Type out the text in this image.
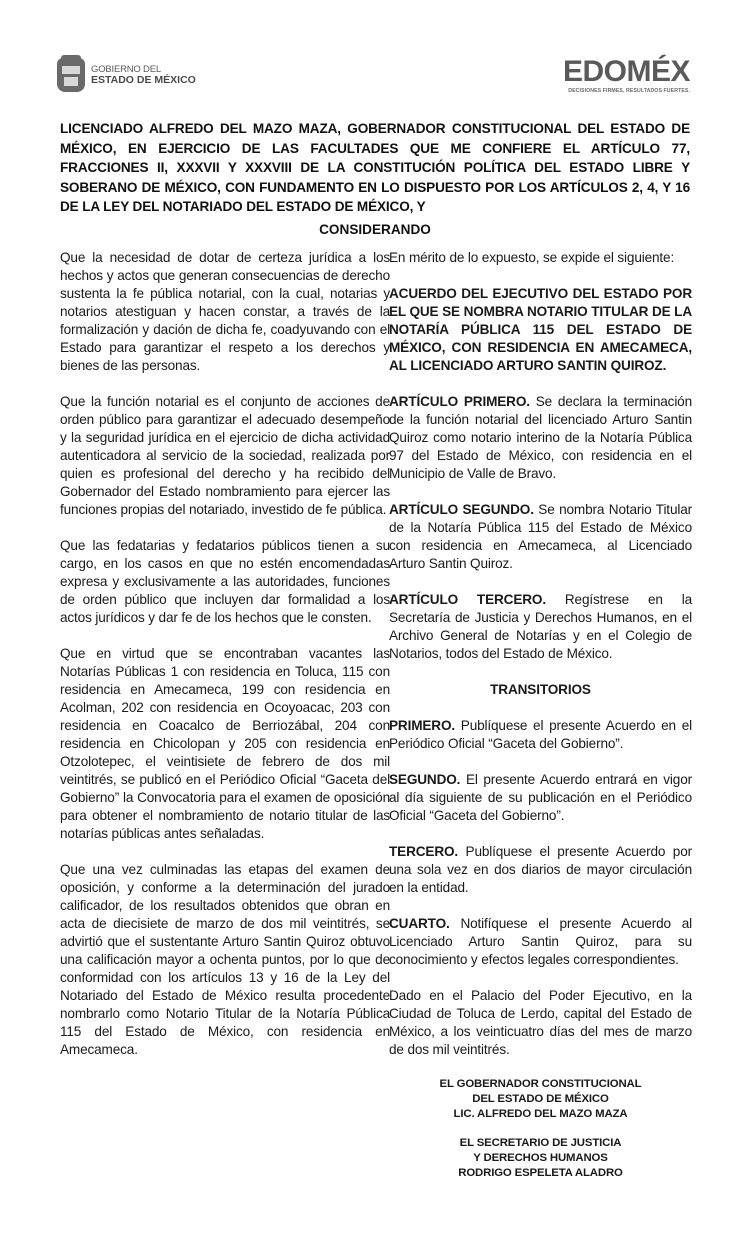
GOBIERNO DEL
ESTADO DE MÉXICO	EDOMÉX
DECISIONES FIRMES, RESULTADOS FUERTES.
LICENCIADO ALFREDO DEL MAZO MAZA, GOBERNADOR CONSTITUCIONAL DEL ESTADO DE MÉXICO, EN EJERCICIO DE LAS FACULTADES QUE ME CONFIERE EL ARTÍCULO 77, FRACCIONES II, XXXVII Y XXXVIII DE LA CONSTITUCIÓN POLÍTICA DEL ESTADO LIBRE Y SOBERANO DE MÉXICO, CON FUNDAMENTO EN LO DISPUESTO POR LOS ARTÍCULOS 2, 4, Y 16 DE LA LEY DEL NOTARIADO DEL ESTADO DE MÉXICO, Y
CONSIDERANDO

Que la necesidad de dotar de certeza jurídica a los hechos y actos que generan consecuencias de derecho sustenta la fe pública notarial, con la cual, notarias y notarios atestiguan y hacen constar, a través de la formalización y dación de dicha fe, coadyuvando con el Estado para garantizar el respeto a los derechos y bienes de las personas.

Que la función notarial es el conjunto de acciones de orden público para garantizar el adecuado desempeño y la seguridad jurídica en el ejercicio de dicha actividad autenticadora al servicio de la sociedad, realizada por quien es profesional del derecho y ha recibido del Gobernador del Estado nombramiento para ejercer las funciones propias del notariado, investido de fe pública.

Que las fedatarias y fedatarios públicos tienen a su cargo, en los casos en que no estén encomendadas expresa y exclusivamente a las autoridades, funciones de orden público que incluyen dar formalidad a los actos jurídicos y dar fe de los hechos que le consten.

Que en virtud que se encontraban vacantes las Notarías Públicas 1 con residencia en Toluca, 115 con residencia en Amecameca, 199 con residencia en Acolman, 202 con residencia en Ocoyoacac, 203 con residencia en Coacalco de Berriozábal, 204 con residencia en Chicolopan y 205 con residencia en Otzolotepec, el veintisiete de febrero de dos mil veintitrés, se publicó en el Periódico Oficial “Gaceta del Gobierno” la Convocatoria para el examen de oposición para obtener el nombramiento de notario titular de las notarías públicas antes señaladas.

Que una vez culminadas las etapas del examen de oposición, y conforme a la determinación del jurado calificador, de los resultados obtenidos que obran en acta de diecisiete de marzo de dos mil veintitrés, se advirtió que el sustentante Arturo Santin Quiroz obtuvo una calificación mayor a ochenta puntos, por lo que de conformidad con los artículos 13 y 16 de la Ley del Notariado del Estado de México resulta procedente nombrarlo como Notario Titular de la Notaría Pública 115 del Estado de México, con residencia en Amecameca.

En mérito de lo expuesto, se expide el siguiente:

ACUERDO DEL EJECUTIVO DEL ESTADO POR EL QUE SE NOMBRA NOTARIO TITULAR DE LA NOTARÍA PÚBLICA 115 DEL ESTADO DE MÉXICO, CON RESIDENCIA EN AMECAMECA, AL LICENCIADO ARTURO SANTIN QUIROZ.

ARTÍCULO PRIMERO. Se declara la terminación de la función notarial del licenciado Arturo Santin Quiroz como notario interino de la Notaría Pública 97 del Estado de México, con residencia en el Municipio de Valle de Bravo.

ARTÍCULO SEGUNDO. Se nombra Notario Titular de la Notaría Pública 115 del Estado de México con residencia en Amecameca, al Licenciado Arturo Santin Quiroz.

ARTÍCULO TERCERO. Regístrese en la Secretaría de Justicia y Derechos Humanos, en el Archivo General de Notarías y en el Colegio de Notarios, todos del Estado de México.

TRANSITORIOS

PRIMERO. Publíquese el presente Acuerdo en el Periódico Oficial “Gaceta del Gobierno”.

SEGUNDO. El presente Acuerdo entrará en vigor al día siguiente de su publicación en el Periódico Oficial “Gaceta del Gobierno”.

TERCERO. Publíquese el presente Acuerdo por una sola vez en dos diarios de mayor circulación en la entidad.

CUARTO. Notifíquese el presente Acuerdo al Licenciado Arturo Santin Quiroz, para su conocimiento y efectos legales correspondientes.

Dado en el Palacio del Poder Ejecutivo, en la Ciudad de Toluca de Lerdo, capital del Estado de México, a los veinticuatro días del mes de marzo de dos mil veintitrés.

EL GOBERNADOR CONSTITUCIONAL
DEL ESTADO DE MÉXICO
LIC. ALFREDO DEL MAZO MAZA
EL SECRETARIO DE JUSTICIA
Y DERECHOS HUMANOS
RODRIGO ESPELETA ALADRO
